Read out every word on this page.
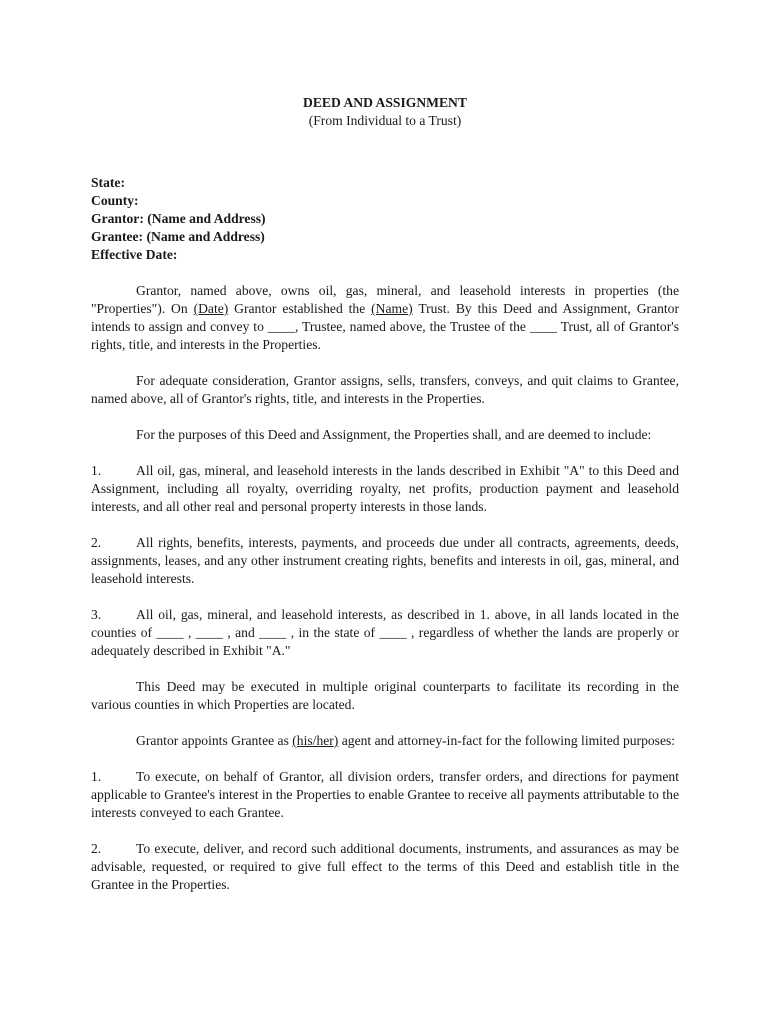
DEED AND ASSIGNMENT
(From Individual to a Trust)
State:
County:
Grantor: (Name and Address)
Grantee: (Name and Address)
Effective Date:

Grantor, named above, owns oil, gas, mineral, and leasehold interests in properties (the "Properties"). On (Date) Grantor established the (Name) Trust. By this Deed and Assignment, Grantor intends to assign and convey to ____, Trustee, named above, the Trustee of the ____ Trust, all of Grantor's rights, title, and interests in the Properties.

For adequate consideration, Grantor assigns, sells, transfers, conveys, and quit claims to Grantee, named above, all of Grantor's rights, title, and interests in the Properties.

For the purposes of this Deed and Assignment, the Properties shall, and are deemed to include:

1.	All oil, gas, mineral, and leasehold interests in the lands described in Exhibit "A" to this Deed and Assignment, including all royalty, overriding royalty, net profits, production payment and leasehold interests, and all other real and personal property interests in those lands.

2.	All rights, benefits, interests, payments, and proceeds due under all contracts, agreements, deeds, assignments, leases, and any other instrument creating rights, benefits and interests in oil, gas, mineral, and leasehold interests.

3.	All oil, gas, mineral, and leasehold interests, as described in 1. above, in all lands located in the counties of ____ , ____ , and ____ , in the state of ____ , regardless of whether the lands are properly or adequately described in Exhibit "A."

This Deed may be executed in multiple original counterparts to facilitate its recording in the various counties in which Properties are located.

Grantor appoints Grantee as (his/her) agent and attorney-in-fact for the following limited purposes:

1.	To execute, on behalf of Grantor, all division orders, transfer orders, and directions for payment applicable to Grantee's interest in the Properties to enable Grantee to receive all payments attributable to the interests conveyed to each Grantee.

2.	To execute, deliver, and record such additional documents, instruments, and assurances as may be advisable, requested, or required to give full effect to the terms of this Deed and establish title in the Grantee in the Properties.
